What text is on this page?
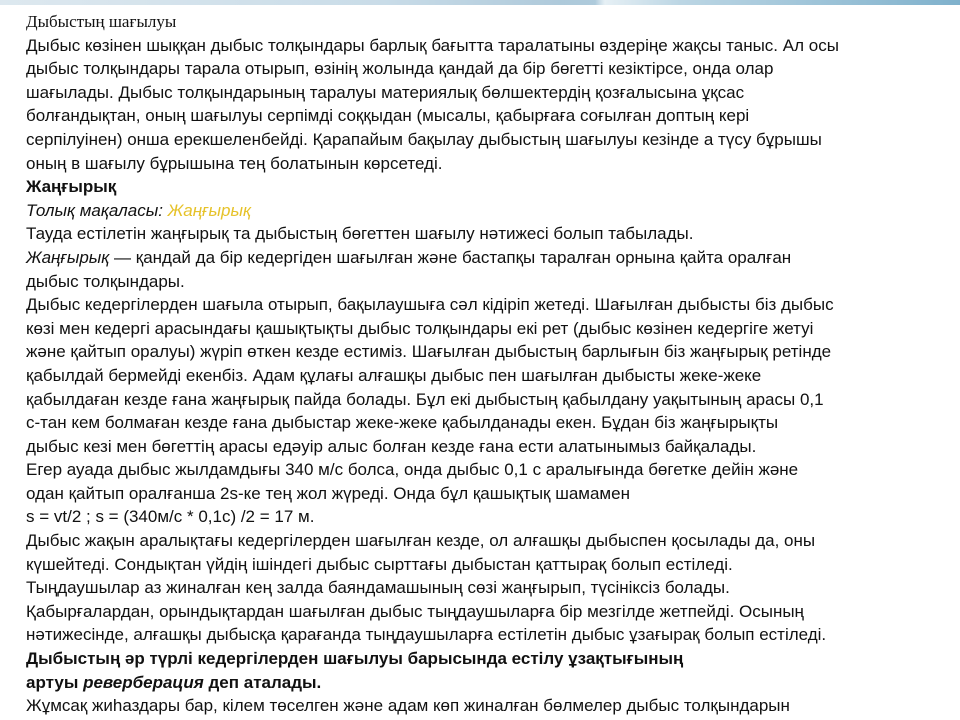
Дыбыстың шағылуы
Дыбыс көзінен шыққан дыбыс толқындары барлық бағытта таралатыны өздеріңе жақсы таныс. Ал осы
дыбыс толқындары тарала отырып, өзінің жолында қандай да бір бөгетті кезіктірсе, онда олар
шағылады. Дыбыс толқындарының таралуы материялық бөлшектердің қозғалысына ұқсас
болғандықтан, оның шағылуы серпімді соққыдан (мысалы, қабырғаға соғылған доптың кері
серпілуінен) онша ерекшеленбейді. Қарапайым бақылау дыбыстың шағылуы кезінде а түсу бұрышы
оның в шағылу бұрышына тең болатынын көрсетеді.
Жаңғырық
Толық мақаласы: Жаңғырық
Тауда естілетін жаңғырық та дыбыстың бөгеттен шағылу нәтижесі болып табылады.
Жаңғырық — қандай да бір кедергіден шағылған және бастапқы таралған орнына қайта оралған
дыбыс толқындары.
Дыбыс кедергілерден шағыла отырып, бақылаушыға сәл кідіріп жетеді. Шағылған дыбысты біз дыбыс
көзі мен кедергі арасындағы қашықтықты дыбыс толқындары екі рет (дыбыс көзінен кедергіге жетуі
және қайтып оралуы) жүріп өткен кезде естиміз. Шағылған дыбыстың барлығын біз жаңғырық ретінде
қабылдай бермейді екенбіз. Адам құлағы алғашқы дыбыс пен шағылған дыбысты жеке-жеке
қабылдаған кезде ғана жаңғырық пайда болады. Бұл екі дыбыстың қабылдану уақытының арасы 0,1
с-тан кем болмаған кезде ғана дыбыстар жеке-жеке қабылданады екен. Бұдан біз жаңғырықты
дыбыс кезі мен бөгеттің арасы едәуір алыс болған кезде ғана ести алатынымыз байқалады.
Егер ауада дыбыс жылдамдығы 340 м/с болса, онда дыбыс 0,1 с аралығында бөгетке дейін және
одан қайтып оралғанша 2s-ке тең жол жүреді. Онда бұл қашықтық шамамен
s = vt/2 ; s = (340м/с * 0,1с) /2 = 17 м.
Дыбыс жақын аралықтағы кедергілерден шағылған кезде, ол алғашқы дыбыспен қосылады да, оны
күшейтеді. Сондықтан үйдің ішіндегі дыбыс сырттағы дыбыстан қаттырақ болып естіледі.
Тыңдаушылар аз жиналған кең залда баяндамашының сөзі жаңғырып, түсініксіз болады.
Қабырғалардан, орындықтардан шағылған дыбыс тыңдаушыларға бір мезгілде жетпейді. Осының
нәтижесінде, алғашқы дыбысқа қарағанда тыңдаушыларға естілетін дыбыс ұзағырақ болып естіледі.
Дыбыстың әр түрлі кедергілерден шағылуы барысында естілу ұзақтығының
артуы реверберация деп аталады.
Жұмсақ жиһаздары бар, кілем төселген және адам көп жиналған бөлмелер дыбыс толқындарын
